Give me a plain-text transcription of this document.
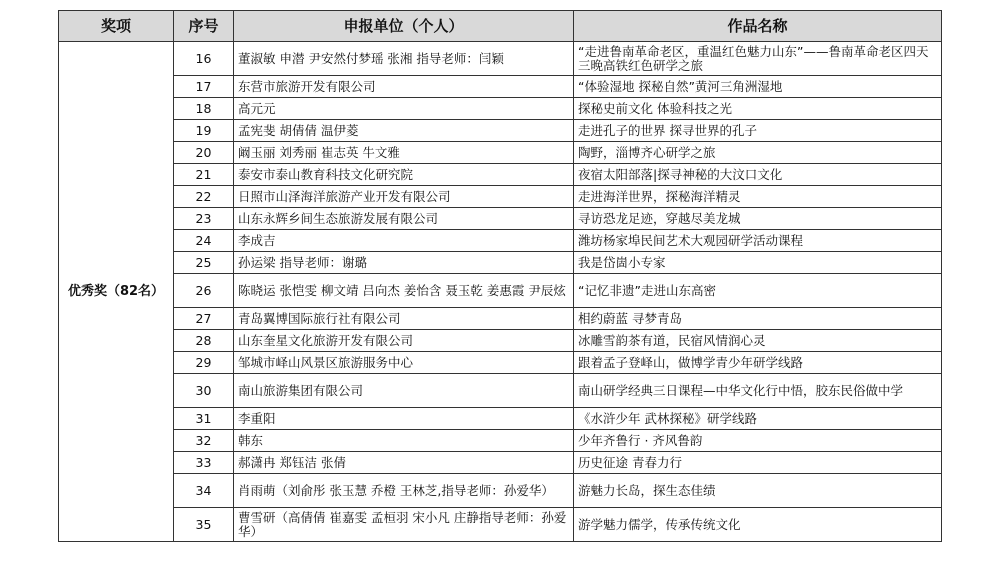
奖项	序号	申报单位（个人）	作品名称
优秀奖（82名）	16	董淑敏 申潜 尹安然付梦瑶 张湘 指导老师：闫颖	“走进鲁南革命老区，重温红色魅力山东”——鲁南革命老区四天三晚高铁红色研学之旅

	17	东营市旅游开发有限公司	“体验湿地 探秘自然”黄河三角洲湿地
	18	高元元	探秘史前文化 体验科技之光
	19	孟宪斐 胡倩倩 温伊菱	走进孔子的世界 探寻世界的孔子
	20	阚玉丽 刘秀丽 崔志英 牛文雅	陶野，淄博齐心研学之旅
	21	泰安市泰山教育科技文化研究院	夜宿太阳部落|探寻神秘的大汶口文化
	22	日照市山泽海洋旅游产业开发有限公司	走进海洋世界，探秘海洋精灵
	23	山东永辉乡间生态旅游发展有限公司	寻访恐龙足迹，穿越尽美龙城
	24	李成吉	潍坊杨家埠民间艺术大观园研学活动课程
	25	孙运梁 指导老师：谢璐	我是岱崮小专家
	26	陈晓运 张恺雯 柳文靖 吕向杰 姜怡含 聂玉乾 姜惠霞 尹辰炫	“记忆非遗”走进山东高密
	27	青岛翼博国际旅行社有限公司	相约蔚蓝 寻梦青岛
	28	山东奎星文化旅游开发有限公司	冰雕雪韵茶有道，民宿风情润心灵
	29	邹城市峄山风景区旅游服务中心	跟着孟子登峄山，做博学青少年研学线路
	30	南山旅游集团有限公司	南山研学经典三日课程—中华文化行中悟，胶东民俗做中学

	31	李重阳	《水浒少年 武林探秘》研学线路
	32	韩东	少年齐鲁行 · 齐风鲁韵
	33	郝潇冉 郑钰洁 张倩	历史征途 青春力行
	34	肖雨萌（刘俞彤 张玉慧 乔橙 王林芝,指导老师：孙爱华）	游魅力长岛，探生态佳绩
	35	曹雪研（高倩倩 崔嘉雯 孟桓羽 宋小凡 庄静指导老师：孙爱华）	游学魅力儒学，传承传统文化
